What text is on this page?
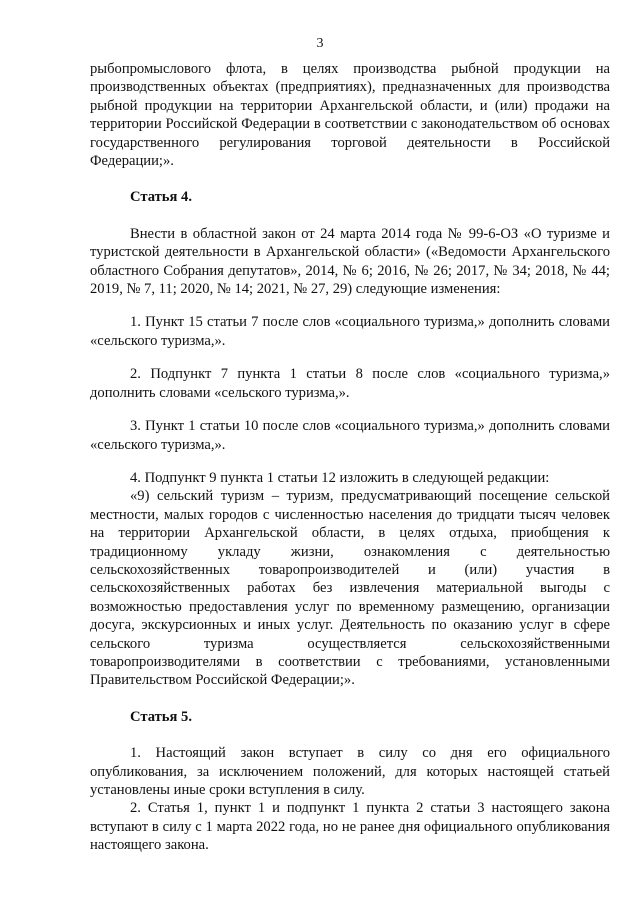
3

рыбопромыслового флота, в целях производства рыбной продукции на производственных объектах (предприятиях), предназначенных для производства рыбной продукции на территории Архангельской области, и (или) продажи на территории Российской Федерации в соответствии с законодательством об основах государственного регулирования торговой деятельности в Российской Федерации;».

Статья 4.

Внести в областной закон от 24 марта 2014 года № 99-6-ОЗ «О туризме и туристской деятельности в Архангельской области» («Ведомости Архангельского областного Собрания депутатов», 2014, № 6; 2016, № 26; 2017, № 34; 2018, № 44; 2019, № 7, 11; 2020, № 14; 2021, № 27, 29) следующие изменения:

1. Пункт 15 статьи 7 после слов «социального туризма,» дополнить словами «сельского туризма,».

2. Подпункт 7 пункта 1 статьи 8 после слов «социального туризма,» дополнить словами «сельского туризма,».

3. Пункт 1 статьи 10 после слов «социального туризма,» дополнить словами «сельского туризма,».

4. Подпункт 9 пункта 1 статьи 12 изложить в следующей редакции:

«9) сельский туризм – туризм, предусматривающий посещение сельской местности, малых городов с численностью населения до тридцати тысяч человек на территории Архангельской области, в целях отдыха, приобщения к традиционному укладу жизни, ознакомления с деятельностью сельскохозяйственных товаропроизводителей и (или) участия в сельскохозяйственных работах без извлечения материальной выгоды с возможностью предоставления услуг по временному размещению, организации досуга, экскурсионных и иных услуг. Деятельность по оказанию услуг в сфере сельского туризма осуществляется сельскохозяйственными товаропроизводителями в соответствии с требованиями, установленными Правительством Российской Федерации;».

Статья 5.

1. Настоящий закон вступает в силу со дня его официального опубликования, за исключением положений, для которых настоящей статьей установлены иные сроки вступления в силу.

2. Статья 1, пункт 1 и подпункт 1 пункта 2 статьи 3 настоящего закона вступают в силу с 1 марта 2022 года, но не ранее дня официального опубликования настоящего закона.
